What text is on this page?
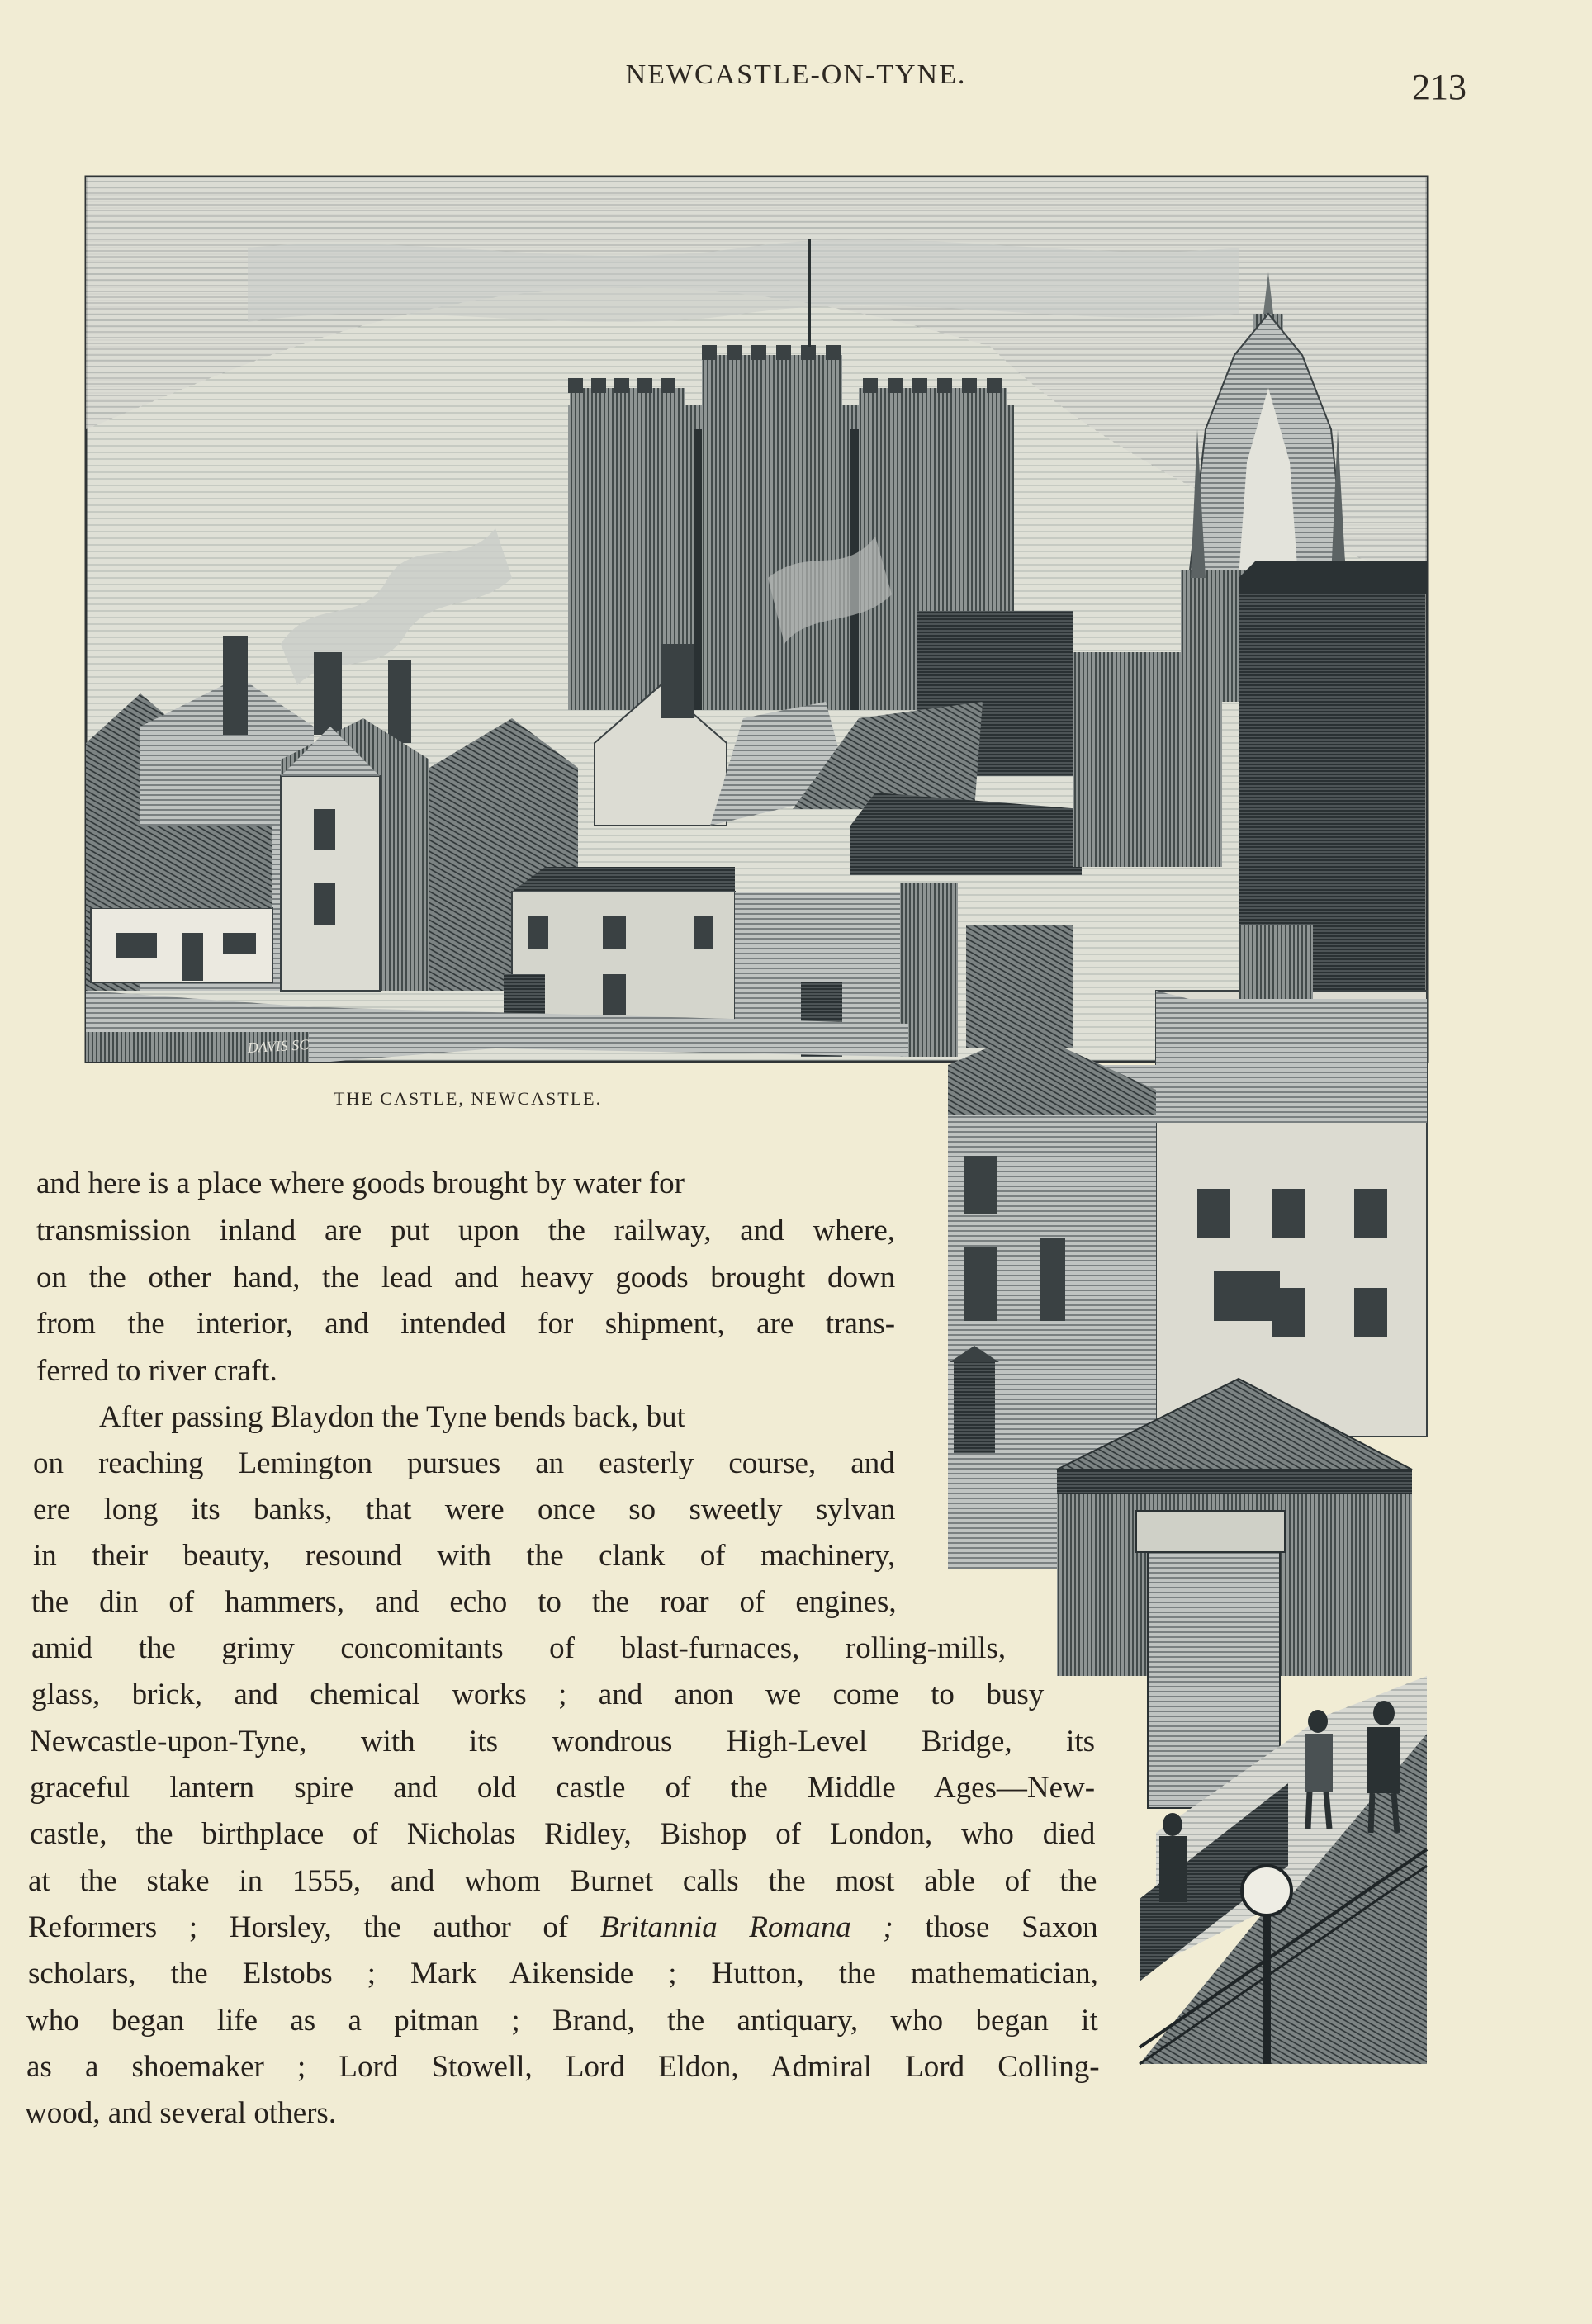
NEWCASTLE-ON-TYNE.	213
DAVIS SC
THE CASTLE, NEWCASTLE.
and here is a place where goods brought by water for
transmission inland are put upon the railway, and where,
on the other hand, the lead and heavy goods brought down
from the interior, and intended for shipment, are trans-
ferred to river craft.
After passing Blaydon the Tyne bends back, but
on reaching Lemington pursues an easterly course, and
ere long its banks, that were once so sweetly sylvan
in their beauty, resound with the clank of machinery,
the din of hammers, and echo to the roar of engines,
amid the grimy concomitants of blast-furnaces, rolling-mills,
glass, brick, and chemical works ; and anon we come to busy
Newcastle-upon-Tyne, with its wondrous High-Level Bridge, its
graceful lantern spire and old castle of the Middle Ages—New-
castle, the birthplace of Nicholas Ridley, Bishop of London, who died
at the stake in 1555, and whom Burnet calls the most able of the
Reformers ; Horsley, the author of Britannia Romana ; those Saxon
scholars, the Elstobs ; Mark Aikenside ; Hutton, the mathematician,
who began life as a pitman ; Brand, the antiquary, who began it
as a shoemaker ; Lord Stowell, Lord Eldon, Admiral Lord Colling-
wood, and several others.
